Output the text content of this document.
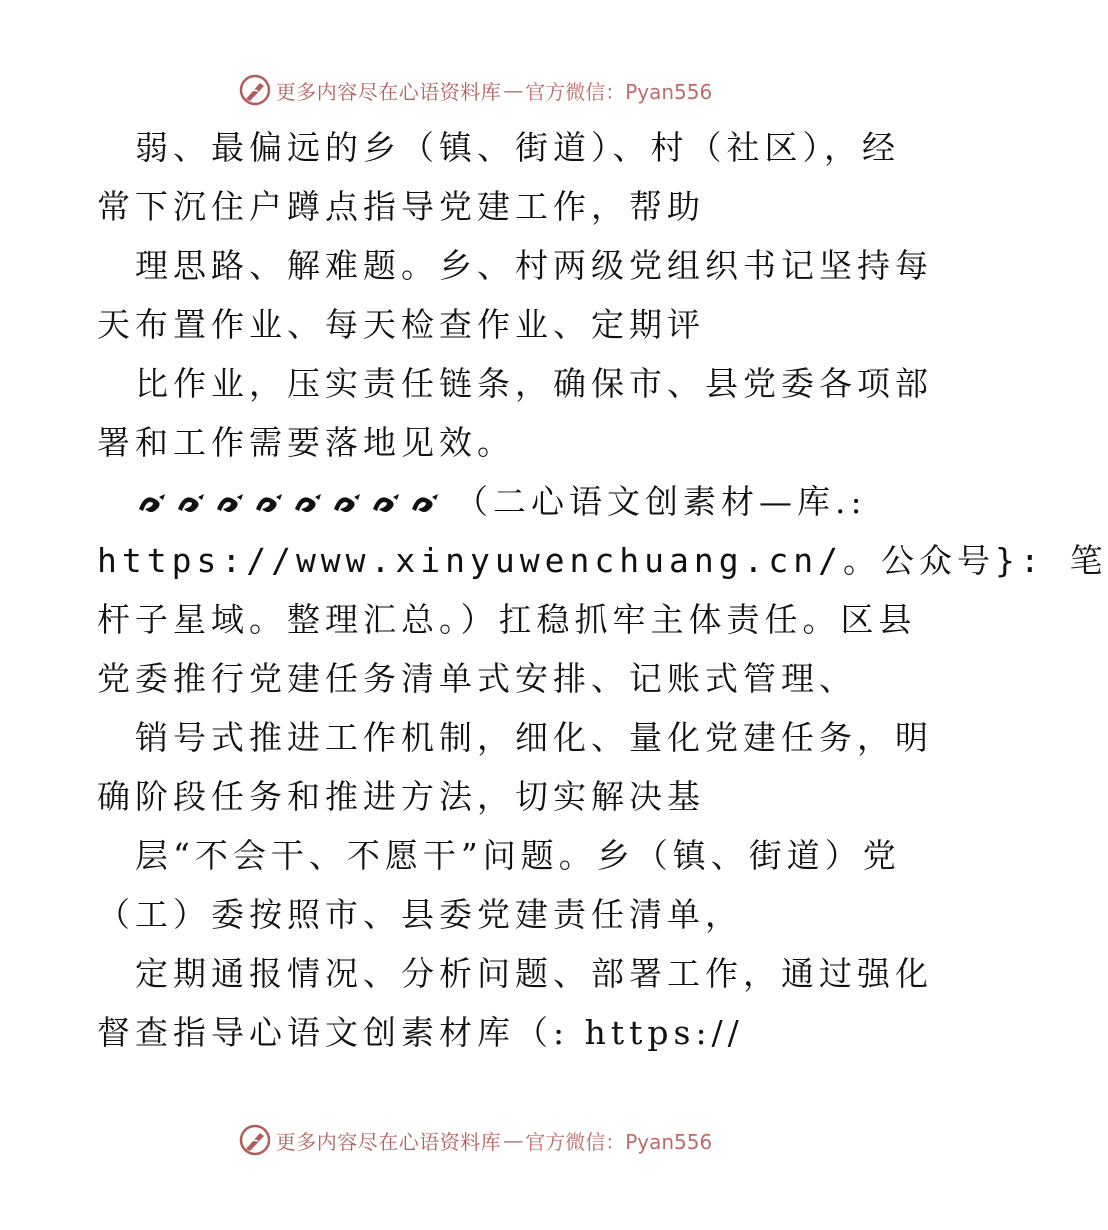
更多内容尽在心语资料库 — 官方微信：Pyan556
弱、最偏远的乡（镇、街道）、村（社区），经
常下沉住户蹲点指导党建工作，帮助
理思路、解难题。乡、村两级党组织书记坚持每
天布置作业、每天检查作业、定期评
比作业，压实责任链条，确保市、县党委各项部
署和工作需要落地见效。
（二心语文创素材—库.:
https://www.xinyuwenchuang.cn/。公众号}: 笔
杆子星域。整理汇总。）扛稳抓牢主体责任。区县
党委推行党建任务清单式安排、记账式管理、
销号式推进工作机制，细化、量化党建任务，明
确阶段任务和推进方法，切实解决基
层“不会干、不愿干”问题。乡（镇、街道）党
（工）委按照市、县委党建责任清单，
定期通报情况、分析问题、部署工作，通过强化
督查指导心语文创素材库（: https://
更多内容尽在心语资料库 — 官方微信：Pyan556
